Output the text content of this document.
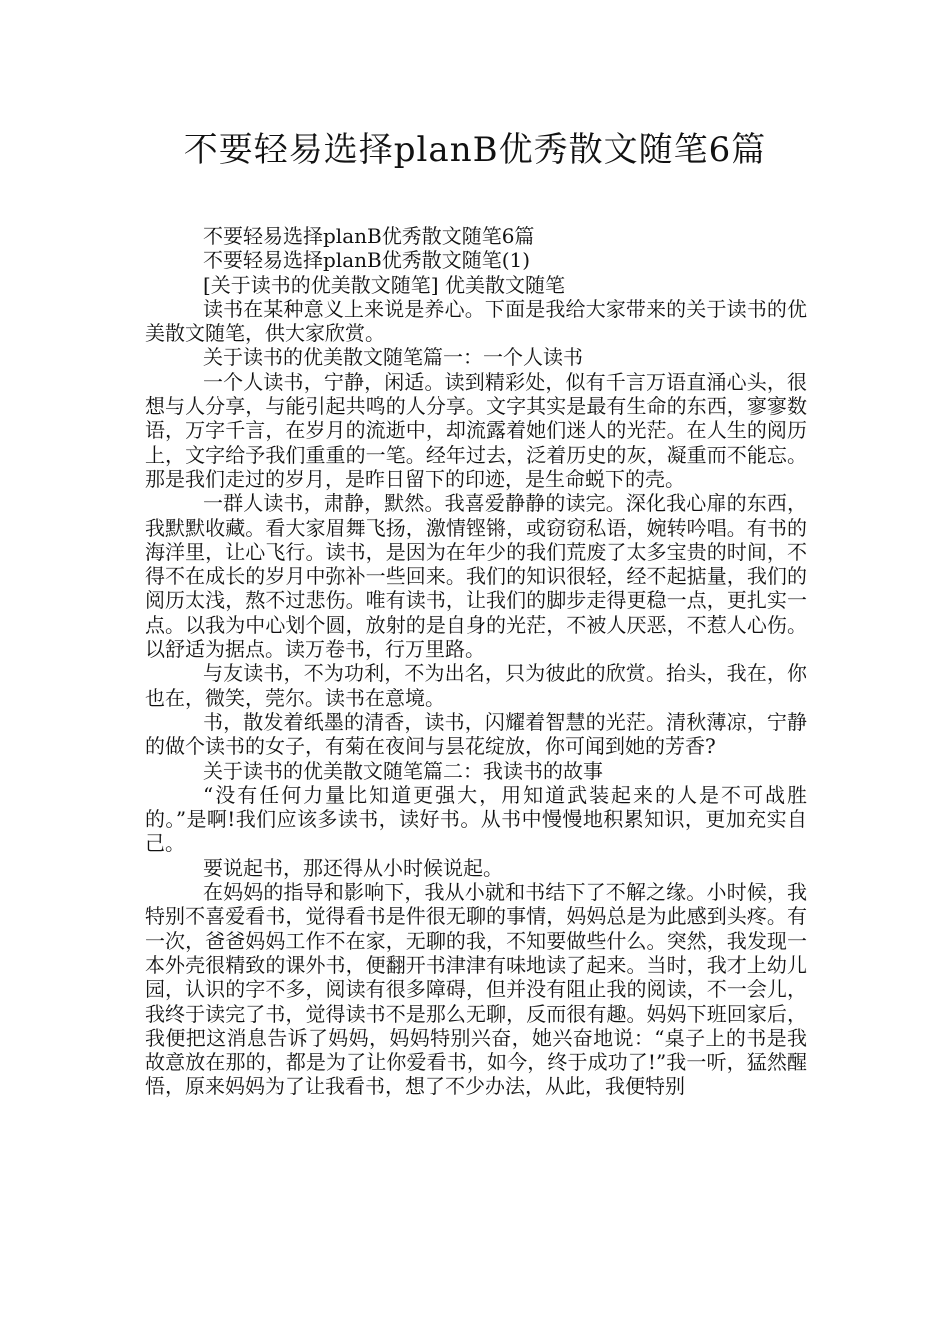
不要轻易选择planB优秀散文随笔6篇

不要轻易选择planB优秀散文随笔6篇

不要轻易选择planB优秀散文随笔(1)

[关于读书的优美散文随笔] 优美散文随笔

读书在某种意义上来说是养心。下面是我给大家带来的关于读书的优美散文随笔，供大家欣赏。

关于读书的优美散文随笔篇一：一个人读书

一个人读书，宁静，闲适。读到精彩处，似有千言万语直涌心头，很想与人分享，与能引起共鸣的人分享。文字其实是最有生命的东西，寥寥数语，万字千言，在岁月的流逝中，却流露着她们迷人的光茫。在人生的阅历上，文字给予我们重重的一笔。经年过去，泛着历史的灰，凝重而不能忘。那是我们走过的岁月，是昨日留下的印迹，是生命蜕下的壳。

一群人读书，肃静，默然。我喜爱静静的读完。深化我心扉的东西，我默默收藏。看大家眉舞飞扬，激情铿锵，或窃窃私语，婉转吟唱。有书的海洋里，让心飞行。读书，是因为在年少的我们荒废了太多宝贵的时间，不得不在成长的岁月中弥补一些回来。我们的知识很轻，经不起掂量，我们的阅历太浅，熬不过悲伤。唯有读书，让我们的脚步走得更稳一点，更扎实一点。以我为中心划个圆，放射的是自身的光茫，不被人厌恶，不惹人心伤。以舒适为据点。读万卷书，行万里路。

与友读书，不为功利，不为出名，只为彼此的欣赏。抬头，我在，你也在，微笑，莞尔。读书在意境。

书，散发着纸墨的清香，读书，闪耀着智慧的光茫。清秋薄凉，宁静的做个读书的女子，有菊在夜间与昙花绽放，你可闻到她的芳香?

关于读书的优美散文随笔篇二：我读书的故事

“没有任何力量比知道更强大，用知道武装起来的人是不可战胜的。”是啊!我们应该多读书，读好书。从书中慢慢地积累知识，更加充实自己。

要说起书，那还得从小时候说起。

在妈妈的指导和影响下，我从小就和书结下了不解之缘。小时候，我特别不喜爱看书，觉得看书是件很无聊的事情，妈妈总是为此感到头疼。有一次，爸爸妈妈工作不在家，无聊的我，不知要做些什么。突然，我发现一本外壳很精致的课外书，便翻开书津津有味地读了起来。当时，我才上幼儿园，认识的字不多，阅读有很多障碍，但并没有阻止我的阅读，不一会儿，我终于读完了书，觉得读书不是那么无聊，反而很有趣。妈妈下班回家后，我便把这消息告诉了妈妈，妈妈特别兴奋，她兴奋地说：“桌子上的书是我故意放在那的，都是为了让你爱看书，如今，终于成功了!”我一听，猛然醒悟，原来妈妈为了让我看书，想了不少办法，从此，我便特别
